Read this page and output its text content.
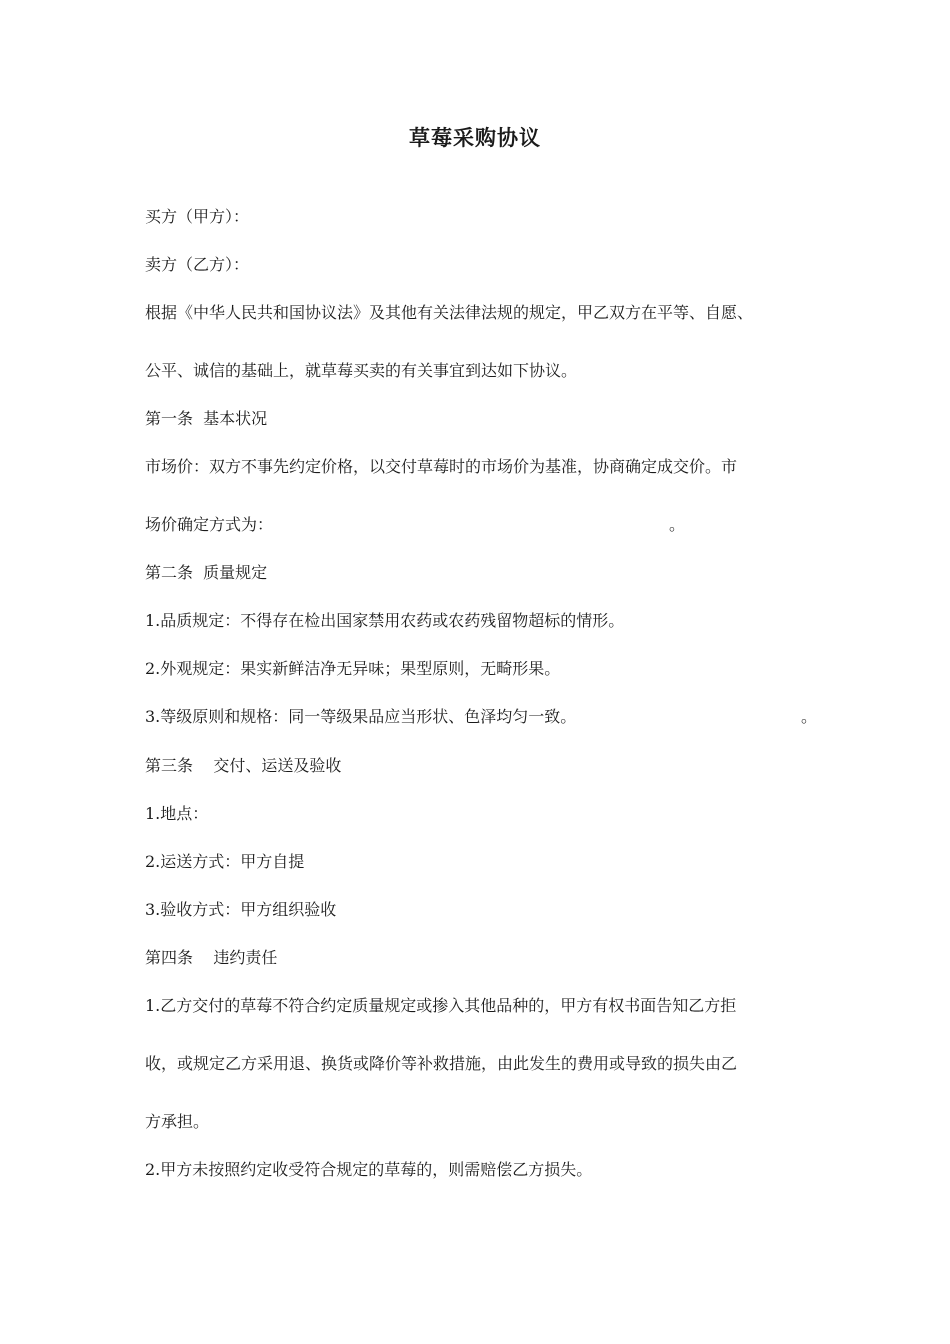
草莓采购协议
买方（甲方）：
卖方（乙方）：
根据《中华人民共和国协议法》及其他有关法律法规的规定，甲乙双方在平等、自愿、
公平、诚信的基础上，就草莓买卖的有关事宜到达如下协议。
第一条  基本状况
市场价：双方不事先约定价格，以交付草莓时的市场价为基准，协商确定成交价。市
场价确定方式为：	。
第二条  质量规定
1.品质规定：不得存在检出国家禁用农药或农药残留物超标的情形。
2.外观规定：果实新鲜洁净无异味；果型原则，无畸形果。
3.等级原则和规格：同一等级果品应当形状、色泽均匀一致。	。
第三条    交付、运送及验收
1.地点：
2.运送方式：甲方自提
3.验收方式：甲方组织验收
第四条    违约责任
1.乙方交付的草莓不符合约定质量规定或掺入其他品种的，甲方有权书面告知乙方拒
收，或规定乙方采用退、换货或降价等补救措施，由此发生的费用或导致的损失由乙
方承担。
2.甲方未按照约定收受符合规定的草莓的，则需赔偿乙方损失。
